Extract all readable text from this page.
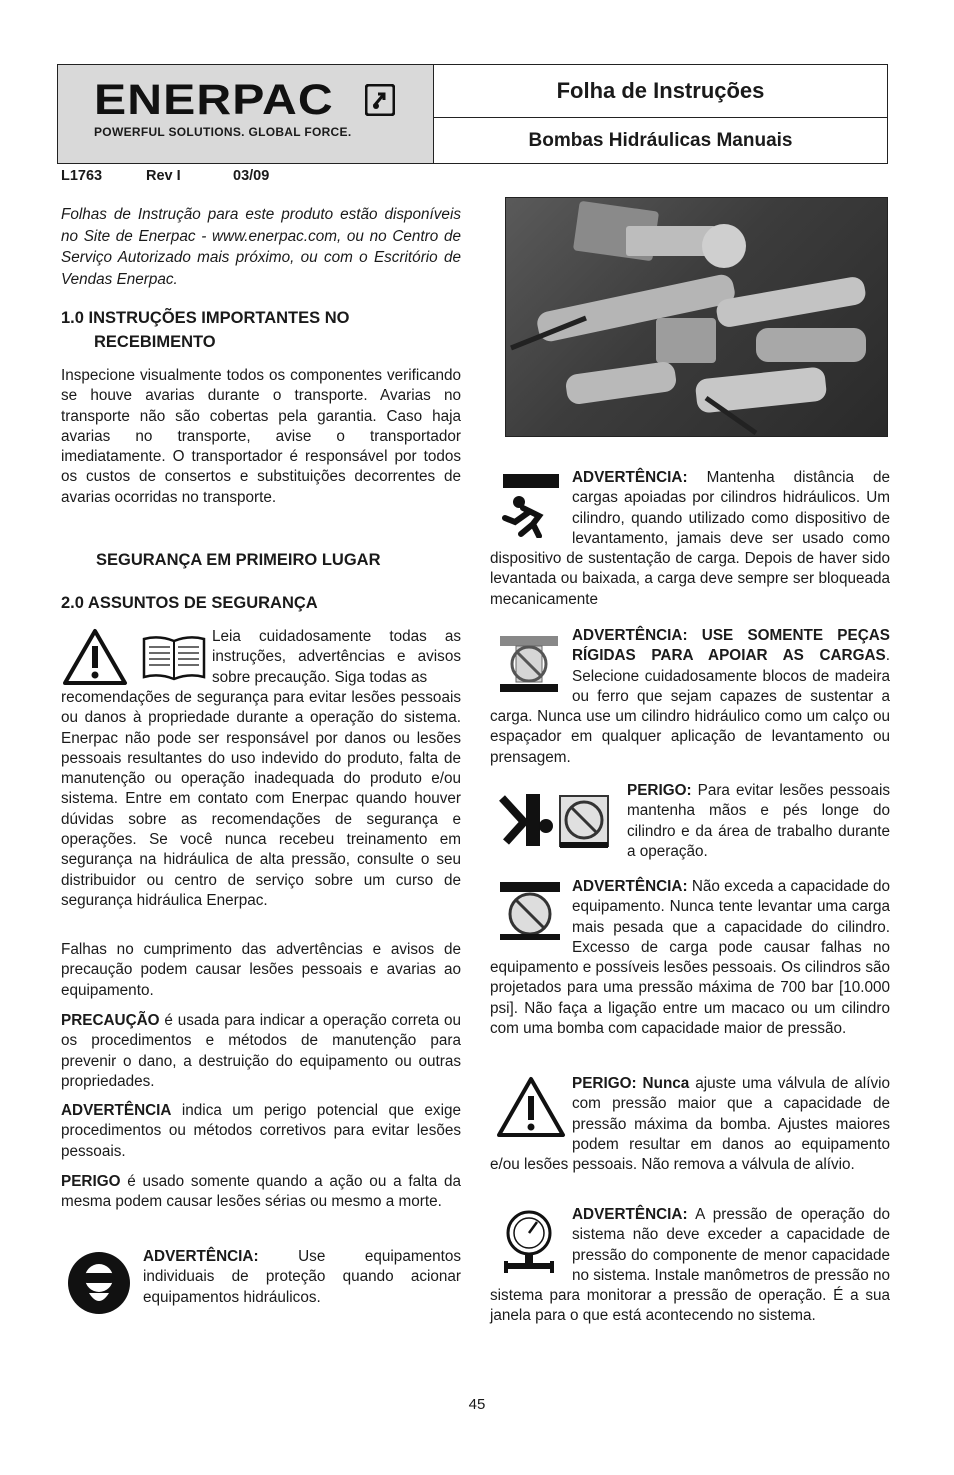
ENERPAC
POWERFUL SOLUTIONS. GLOBAL FORCE.
Folha de Instruções
Bombas Hidráulicas Manuais
L1763	Rev I	03/09

Folhas de Instrução para este produto estão disponíveis no Site de Enerpac - www.enerpac.com, ou no Centro de Serviço Autorizado mais próximo, ou com o Escritório de Vendas Enerpac.

1.0 INSTRUÇÕES IMPORTANTES NO
RECEBIMENTO

Inspecione visualmente todos os componentes verificando se houve avarias durante o transporte. Avarias no transporte não são cobertas pela garantia. Caso haja avarias no transporte, avise o transportador imediatamente. O transportador é responsável por todos os custos de consertos e substituições decorrentes de avarias ocorridas no transporte.

SEGURANÇA EM PRIMEIRO LUGAR
2.0 ASSUNTOS DE SEGURANÇA

Leia cuidadosamente todas as instruções, advertências e avisos sobre precaução. Siga todas as

recomendações de segurança para evitar lesões pessoais ou danos à propriedade durante a operação do sistema. Enerpac não pode ser responsável por danos ou lesões pessoais resultantes do uso indevido do produto, falta de manutenção ou operação inadequada do produto e/ou sistema. Entre em contato com Enerpac quando houver dúvidas sobre as recomendações de segurança e operações. Se você nunca recebeu treinamento em segurança na hidráulica de alta pressão, consulte o seu distribuidor ou centro de serviço sobre um curso de segurança hidráulica Enerpac.

Falhas no cumprimento das advertências e avisos de precaução podem causar lesões pessoais e avarias ao equipamento.

PRECAUÇÃO é usada para indicar a operação correta ou os procedimentos e métodos de manutenção para prevenir o dano, a destruição do equipamento ou outras propriedades.

ADVERTÊNCIA indica um perigo potencial que exige procedimentos ou métodos corretivos para evitar lesões pessoais.

PERIGO é usado somente quando a ação ou a falta da mesma podem causar lesões sérias ou mesmo a morte.

ADVERTÊNCIA: Use equipamentos individuais de proteção quando acionar equipamentos hidráulicos.

ADVERTÊNCIA: Mantenha distância de cargas apoiadas por cilindros hidráulicos. Um cilindro, quando utilizado como dispositivo de levantamento, jamais deve ser usado como dispositivo de sustentação de carga. Depois de haver sido levantada ou baixada, a carga deve sempre ser bloqueada mecanicamente

ADVERTÊNCIA: USE SOMENTE PEÇAS RÍGIDAS PARA APOIAR AS CARGAS. Selecione cuidadosamente blocos de madeira ou ferro que sejam capazes de sustentar a carga. Nunca use um cilindro hidráulico como um calço ou espaçador em qualquer aplicação de levantamento ou prensagem.

PERIGO: Para evitar lesões pessoais mantenha mãos e pés longe do cilindro e da área de trabalho durante a operação.

ADVERTÊNCIA: Não exceda a capacidade do equipamento. Nunca tente levantar uma carga mais pesada que a capacidade do cilindro. Excesso de carga pode causar falhas no equipamento e possíveis lesões pessoais. Os cilindros são projetados para uma pressão máxima de 700 bar [10.000 psi]. Não faça a ligação entre um macaco ou um cilindro com uma bomba com capacidade maior de pressão.

PERIGO: Nunca ajuste uma válvula de alívio com pressão maior que a capacidade de pressão máxima da bomba. Ajustes maiores podem resultar em danos ao equipamento e/ou lesões pessoais. Não remova a válvula de alívio.

ADVERTÊNCIA: A pressão de operação do sistema não deve exceder a capacidade de pressão do componente de menor capacidade no sistema. Instale manômetros de pressão no sistema para monitorar a pressão de operação. É a sua janela para o que está acontecendo no sistema.

45
